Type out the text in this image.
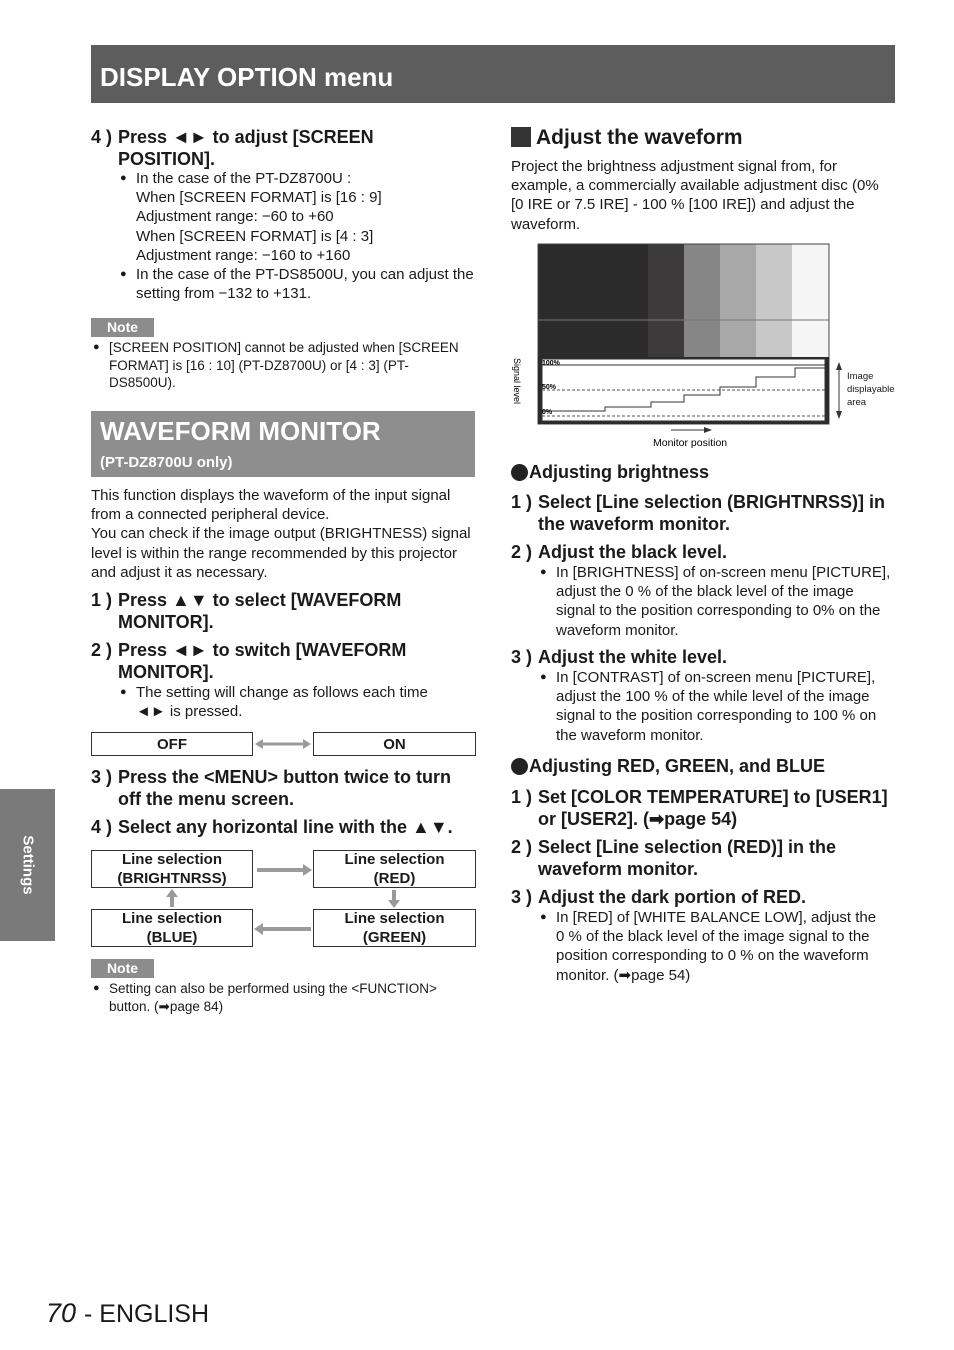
DISPLAY OPTION menu
4 ) Press ◄► to adjust [SCREEN POSITION].
● In the case of the PT-DZ8700U :
When [SCREEN FORMAT] is [16 : 9]
Adjustment range: −60 to +60
When [SCREEN FORMAT] is [4 : 3]
Adjustment range: −160 to +160
● In the case of the PT-DS8500U, you can adjust the setting from −132 to +131.
Note
● [SCREEN POSITION] cannot be adjusted when [SCREEN FORMAT] is [16 : 10] (PT-DZ8700U) or [4 : 3] (PT-DS8500U).
WAVEFORM MONITOR
(PT-DZ8700U only)
This function displays the waveform of the input signal from a connected peripheral device.
You can check if the image output (BRIGHTNESS) signal level is within the range recommended by this projector and adjust it as necessary.
1 ) Press ▲▼ to select [WAVEFORM MONITOR].
2 ) Press ◄► to switch [WAVEFORM MONITOR].
● The setting will change as follows each time ◄► is pressed.
OFF	ON
3 ) Press the <MENU> button twice to turn off the menu screen.
4 ) Select any horizontal line with the ▲▼.
Line selection
(BRIGHTNRSS)
Line selection
(RED)
Line selection
(BLUE)
Line selection
(GREEN)
Note
● Setting can also be performed using the <FUNCTION> button. (➡page 84)
Adjust the waveform
Project the brightness adjustment signal from, for example, a commercially available adjustment disc (0% [0 IRE or 7.5 IRE] - 100 % [100 IRE]) and adjust the waveform.
Signal level	100%
50%
0%
Monitor position
Image
displayable
area
Adjusting brightness
1 ) Select [Line selection (BRIGHTNRSS)] in the waveform monitor.
2 ) Adjust the black level.
● In [BRIGHTNESS] of on-screen menu [PICTURE], adjust the 0 % of the black level of the image signal to the position corresponding to 0% on the waveform monitor.
3 ) Adjust the white level.
● In [CONTRAST] of on-screen menu [PICTURE], adjust the 100 % of the while level of the image signal to the position corresponding to 100 % on the waveform monitor.
Adjusting RED, GREEN, and BLUE
1 ) Set [COLOR TEMPERATURE] to [USER1] or [USER2]. (➡page 54)
2 ) Select [Line selection (RED)] in the waveform monitor.
3 ) Adjust the dark portion of RED.
● In [RED] of [WHITE BALANCE LOW], adjust the 0 % of the black level of the image signal to the position corresponding to 0 % on the waveform monitor. (➡page 54)
Settings
70 - ENGLISH
